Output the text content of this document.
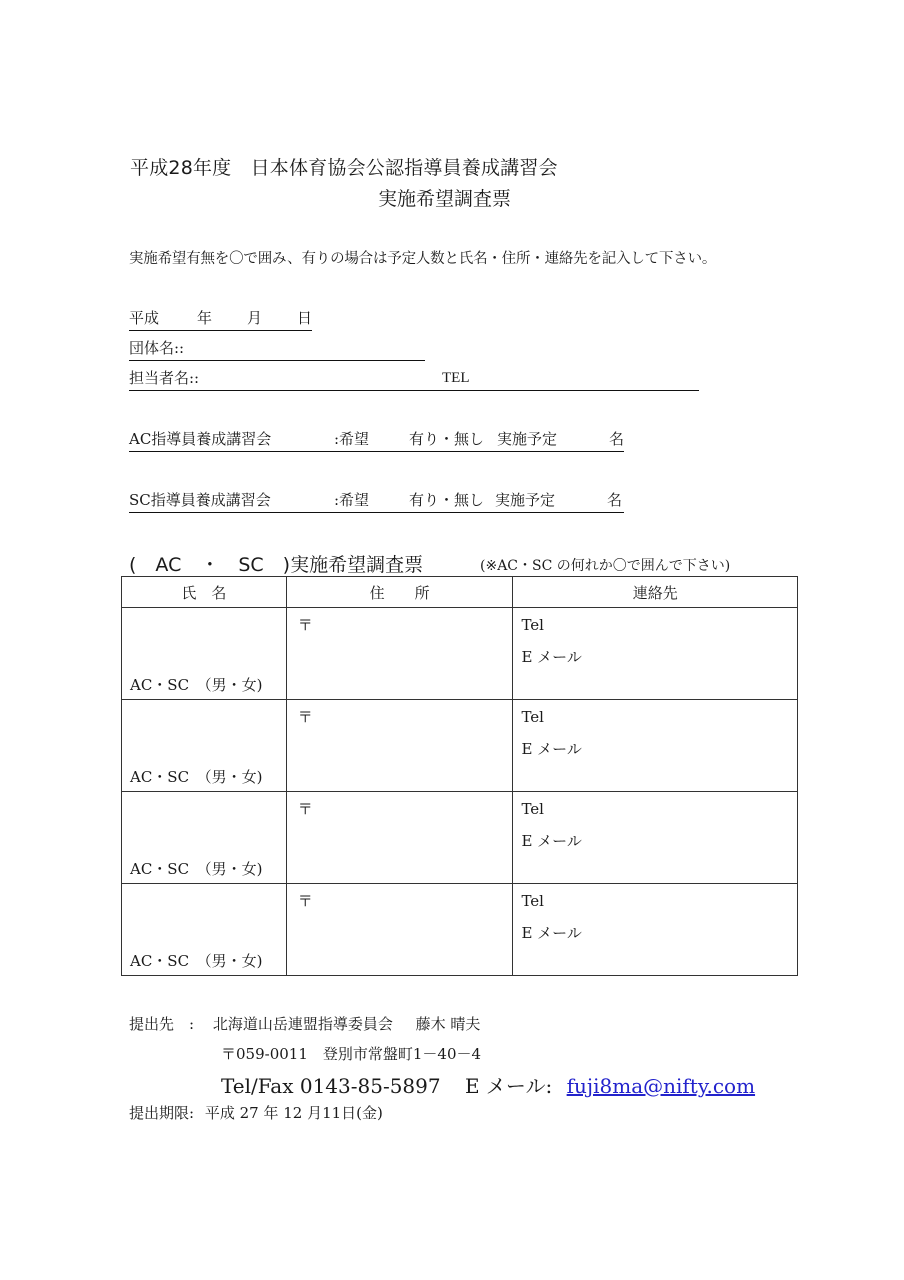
平成28年度　日本体育協会公認指導員養成講習会
実施希望調査票
実施希望有無を〇で囲み、有りの場合は予定人数と氏名・住所・連絡先を記入して下さい。
平成	年 月 日
団体名::
担当者名::	TEL
AC指導員養成講習会	:希望	有り・無し 実施予定	名
SC指導員養成講習会	:希望	有り・無し 実施予定	名
(　AC　・　SC　)実施希望調査票	(※AC・SC の何れか〇で囲んで下さい)
氏　名	住　　所	連絡先

AC・SC　（男・女)	〒	Tel
E メール

AC・SC　（男・女)	〒	Tel
E メール

AC・SC　（男・女)	〒	Tel
E メール

AC・SC　（男・女)	〒	Tel
E メール
提出先　: 北海道山岳連盟指導委員会 藤木 晴夫
〒059-0011　登別市常盤町1－40－4
Tel/Fax 0143-85-5897 E メール: fuji8ma@nifty.com
提出期限: 平成 27 年 12 月11日(金)
